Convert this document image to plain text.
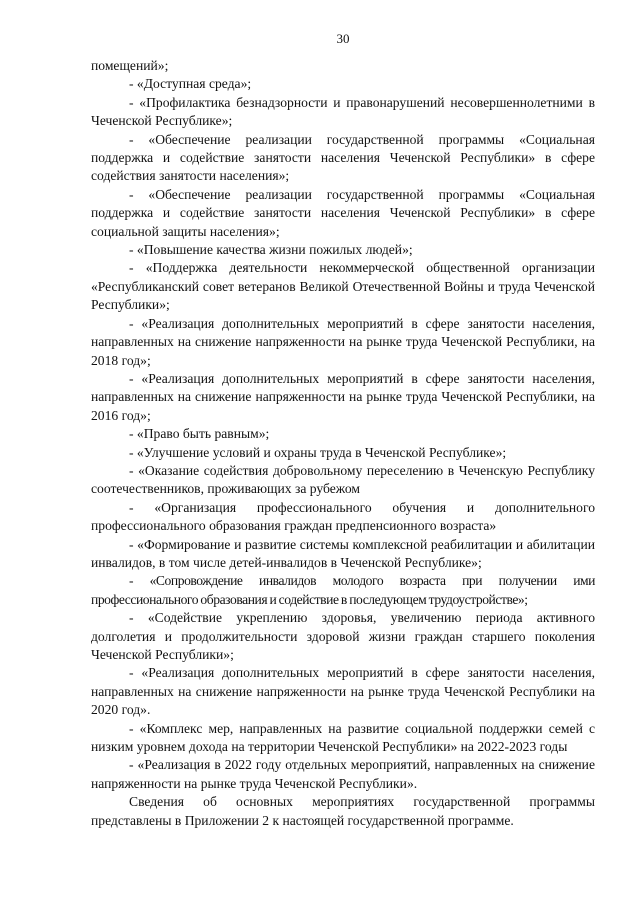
30

помещений»;

- «Доступная среда»;

- «Профилактика безнадзорности и правонарушений несовершеннолетними в Чеченской Республике»;

- «Обеспечение реализации государственной программы «Социальная поддержка и содействие занятости населения Чеченской Республики» в сфере содействия занятости населения»;

- «Обеспечение реализации государственной программы «Социальная поддержка и содействие занятости населения Чеченской Республики» в сфере социальной защиты населения»;

- «Повышение качества жизни пожилых людей»;

- «Поддержка деятельности некоммерческой общественной организации «Республиканский совет ветеранов Великой Отечественной Войны и труда Чеченской Республики»;

- «Реализация дополнительных мероприятий в сфере занятости населения, направленных на снижение напряженности на рынке труда Чеченской Республики, на 2018 год»;

- «Реализация дополнительных мероприятий в сфере занятости населения, направленных на снижение напряженности на рынке труда Чеченской Республики, на 2016 год»;

- «Право быть равным»;

- «Улучшение условий и охраны труда в Чеченской Республике»;

- «Оказание содействия добровольному переселению в Чеченскую Республику соотечественников, проживающих за рубежом

- «Организация профессионального обучения и дополнительного профессионального образования граждан предпенсионного возраста»

- «Формирование и развитие системы комплексной реабилитации и абилитации инвалидов, в том числе детей-инвалидов в Чеченской Республике»;

- «Сопровождение инвалидов молодого возраста при получении ими профессионального образования и содействие в последующем трудоустройстве»;

- «Содействие укреплению здоровья, увеличению периода активного долголетия и продолжительности здоровой жизни граждан старшего поколения Чеченской Республики»;

- «Реализация дополнительных мероприятий в сфере занятости населения, направленных на снижение напряженности на рынке труда Чеченской Республики на 2020 год».

- «Комплекс мер, направленных на развитие социальной поддержки семей с низким уровнем дохода на территории Чеченской Республики» на 2022-2023 годы

- «Реализация в 2022 году отдельных мероприятий, направленных на снижение напряженности на рынке труда Чеченской Республики».

Сведения об основных мероприятиях государственной программы представлены в Приложении 2 к настоящей государственной программе.
